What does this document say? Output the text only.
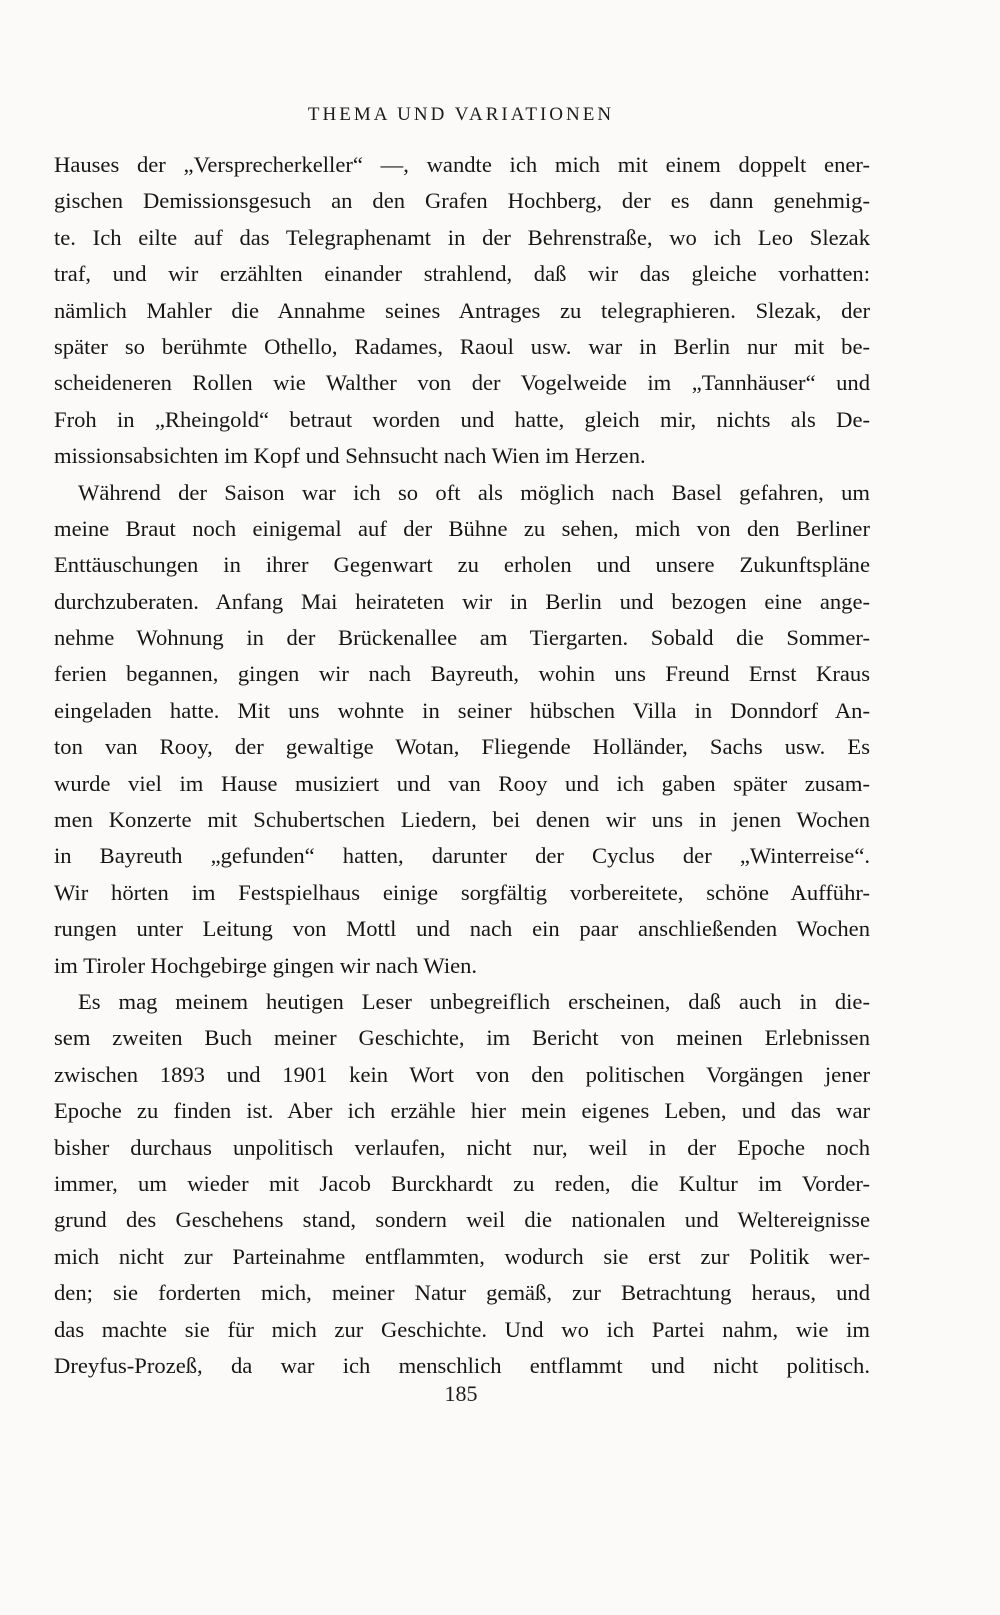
THEMA UND VARIATIONEN
Hauses der „Versprecherkeller“ —, wandte ich mich mit einem doppelt ener-
gischen Demissionsgesuch an den Grafen Hochberg, der es dann genehmig-
te. Ich eilte auf das Telegraphenamt in der Behrenstraße, wo ich Leo Slezak
traf, und wir erzählten einander strahlend, daß wir das gleiche vorhatten:
nämlich Mahler die Annahme seines Antrages zu telegraphieren. Slezak, der
später so berühmte Othello, Radames, Raoul usw. war in Berlin nur mit be-
scheideneren Rollen wie Walther von der Vogelweide im „Tannhäuser“ und
Froh in „Rheingold“ betraut worden und hatte, gleich mir, nichts als De-
missionsabsichten im Kopf und Sehnsucht nach Wien im Herzen.
Während der Saison war ich so oft als möglich nach Basel gefahren, um
meine Braut noch einigemal auf der Bühne zu sehen, mich von den Berliner
Enttäuschungen in ihrer Gegenwart zu erholen und unsere Zukunftspläne
durchzuberaten. Anfang Mai heirateten wir in Berlin und bezogen eine ange-
nehme Wohnung in der Brückenallee am Tiergarten. Sobald die Sommer-
ferien begannen, gingen wir nach Bayreuth, wohin uns Freund Ernst Kraus
eingeladen hatte. Mit uns wohnte in seiner hübschen Villa in Donndorf An-
ton van Rooy, der gewaltige Wotan, Fliegende Holländer, Sachs usw. Es
wurde viel im Hause musiziert und van Rooy und ich gaben später zusam-
men Konzerte mit Schubertschen Liedern, bei denen wir uns in jenen Wochen
in Bayreuth „gefunden“ hatten, darunter der Cyclus der „Winterreise“.
Wir hörten im Festspielhaus einige sorgfältig vorbereitete, schöne Aufführ-
rungen unter Leitung von Mottl und nach ein paar anschließenden Wochen
im Tiroler Hochgebirge gingen wir nach Wien.
Es mag meinem heutigen Leser unbegreiflich erscheinen, daß auch in die-
sem zweiten Buch meiner Geschichte, im Bericht von meinen Erlebnissen
zwischen 1893 und 1901 kein Wort von den politischen Vorgängen jener
Epoche zu finden ist. Aber ich erzähle hier mein eigenes Leben, und das war
bisher durchaus unpolitisch verlaufen, nicht nur, weil in der Epoche noch
immer, um wieder mit Jacob Burckhardt zu reden, die Kultur im Vorder-
grund des Geschehens stand, sondern weil die nationalen und Weltereignisse
mich nicht zur Parteinahme entflammten, wodurch sie erst zur Politik wer-
den; sie forderten mich, meiner Natur gemäß, zur Betrachtung heraus, und
das machte sie für mich zur Geschichte. Und wo ich Partei nahm, wie im
Dreyfus-Prozeß, da war ich menschlich entflammt und nicht politisch.
185
